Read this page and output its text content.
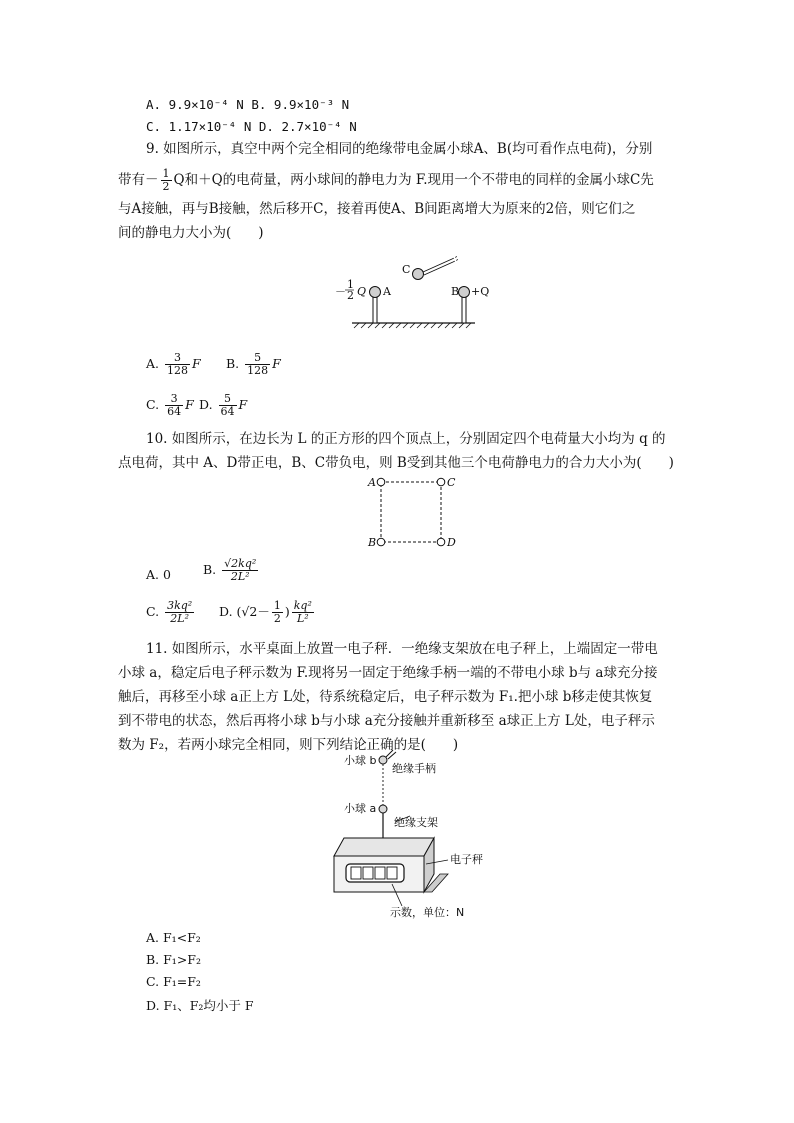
A. 9.9×10⁻⁴ N B. 9.9×10⁻³ N
C. 1.17×10⁻⁴ N D. 2.7×10⁻⁴ N
9. 如图所示，真空中两个完全相同的绝缘带电金属小球A、B(均可看作点电荷)，分别
带有－ $\frac{1}{2}$ Q和＋Q的电荷量，两小球间的静电力为 F.现用一个不带电的同样的金属小球C先
与A接触，再与B接触，然后移开C，接着再使A、B间距离增大为原来的2倍，则它们之
间的静电力大小为(　　)
C
A	B +Q
－
1
2 Q
A. $\frac{3}{128}$ F B. $\frac{5}{128}$ F
C. $\frac{3}{64}$ F D. $\frac{5}{64}$ F
10. 如图所示，在边长为 L 的正方形的四个顶点上，分别固定四个电荷量大小均为 q 的
点电荷，其中 A、D带正电，B、C带负电，则 B受到其他三个电荷静电力的合力大小为(　　)
A	C
B	D
A. 0	B. $\frac{\text{√2kq²}}{\text{2L²}}$
C. $\frac{\text{3kq²}}{\text{2L²}} D$. ($√2- \frac{1}{2}$ ) $\frac{\text{kq²}}{\text{L²}}$
11. 如图所示，水平桌面上放置一电子秤．一绝缘支架放在电子秤上，上端固定一带电
小球 a，稳定后电子秤示数为 F.现将另一固定于绝缘手柄一端的不带电小球 b与 a球充分接
触后，再移至小球 a正上方 L处，待系统稳定后，电子秤示数为 F₁.把小球 b移走使其恢复
到不带电的状态，然后再将小球 b与小球 a充分接触并重新移至 a球正上方 L处，电子秤示
数为 F₂，若两小球完全相同，则下列结论正确的是(　　)
小球 b
绝缘手柄
小球 a
绝缘支架
电子秤
示数，单位：N
A. F₁<F₂
B. F₁>F₂
C. F₁=F₂
D. F₁、F₂均小于 F
